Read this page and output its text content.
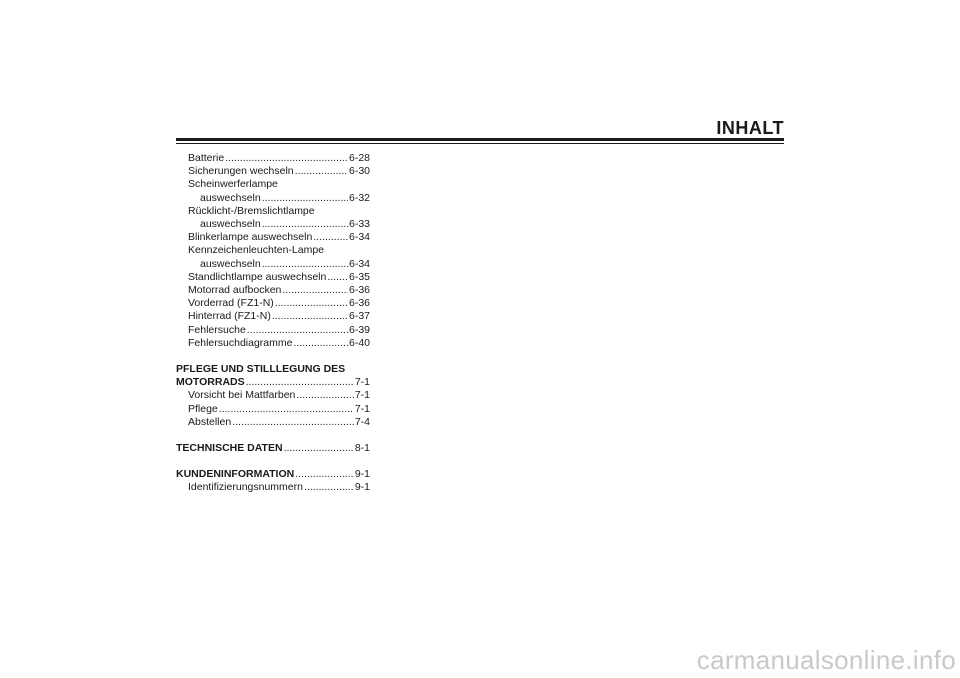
INHALT
Batterie .....	6-28
Sicherungen wechseln .....	6-30
Scheinwerferlampe
auswechseln .....	6-32
Rücklicht-/Bremslichtlampe
auswechseln .....	6-33
Blinkerlampe auswechseln .....	6-34
Kennzeichenleuchten-Lampe
auswechseln .....	6-34
Standlichtlampe auswechseln ..... 6-35
Motorrad aufbocken .....	6-36
Vorderrad (FZ1-N) .....	6-36
Hinterrad (FZ1-N) .....	6-37
Fehlersuche .....	6-39
Fehlersuchdiagramme .....	6-40
PFLEGE UND STILLLEGUNG DES
MOTORRADS .....	7-1
Vorsicht bei Mattfarben .....	7-1
Pflege .....	7-1
Abstellen .....	7-4
TECHNISCHE DATEN .....	8-1
KUNDENINFORMATION .....	9-1
Identifizierungsnummern .....	9-1
carmanualsonline.info
